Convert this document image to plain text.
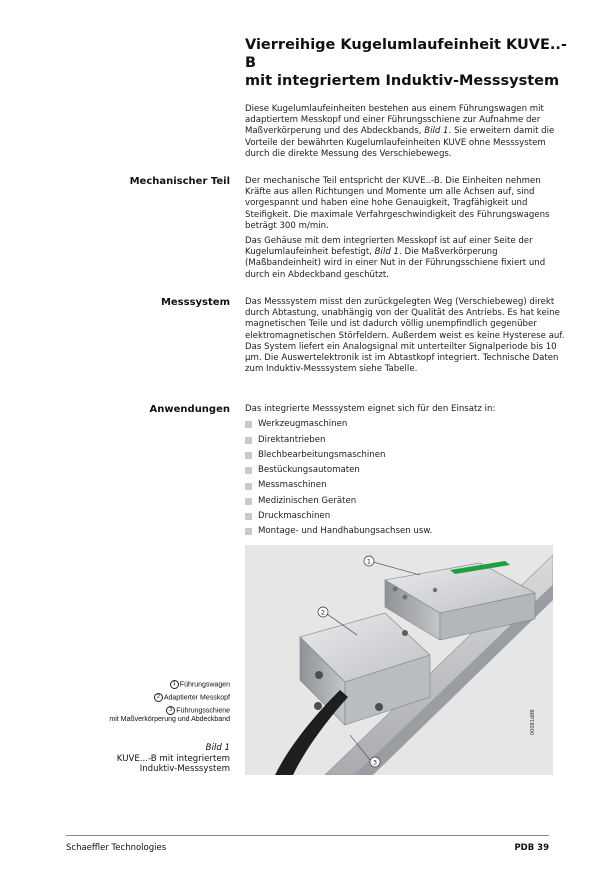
Vierreihige Kugelumlaufeinheit KUVE..-B
mit integriertem Induktiv-Messsystem

Diese Kugelumlaufeinheiten bestehen aus einem Führungswagen mit adaptiertem Messkopf und einer Führungsschiene zur Aufnahme der Maßverkörperung und des Abdeckbands, Bild 1. Sie erweitern damit die Vorteile der bewährten Kugelumlaufeinheiten KUVE ohne Messsystem durch die direkte Messung des Verschiebewegs.

Mechanischer Teil Der mechanische Teil entspricht der KUVE..-B. Die Einheiten nehmen Kräfte aus allen Richtungen und Momente um alle Achsen auf, sind vorgespannt und haben eine hohe Genauigkeit, Tragfähigkeit und Steifigkeit. Die maximale Verfahrgeschwindigkeit des Führungswagens beträgt 300 m/min.

Das Gehäuse mit dem integrierten Messkopf ist auf einer Seite der Kugelumlaufeinheit befestigt, Bild 1. Die Maßverkörperung (Maßbandeinheit) wird in einer Nut in der Führungsschiene fixiert und durch ein Abdeckband geschützt.

Messsystem Das Messsystem misst den zurückgelegten Weg (Verschiebeweg) direkt durch Abtastung, unabhängig von der Qualität des Antriebs. Es hat keine magnetischen Teile und ist dadurch völlig unempfindlich gegenüber elektromagnetischen Störfeldern. Außerdem weist es keine Hysterese auf. Das System liefert ein Analogsignal mit unterteilter Signalperiode bis 10 µm. Die Auswertelektronik ist im Abtastkopf integriert. Technische Daten zum Induktiv-Messsystem siehe Tabelle.

Anwendungen Das integrierte Messsystem eignet sich für den Einsatz in:
Werkzeugmaschinen
Direktantrieben
Blechbearbeitungsmaschinen
Bestückungsautomaten
Messmaschinen
Medizinischen Geräten
Druckmaschinen
Montage- und Handhabungsachsen usw.
1
2
3
00081d8B
1 Führungswagen
2 Adaptierter Messkopf
3 Führungsschiene
mit Maßverkörperung und Abdeckband
Bild 1
KUVE...-B mit integriertem
Induktiv-Messsystem
Schaeffler Technologies	PDB 39
